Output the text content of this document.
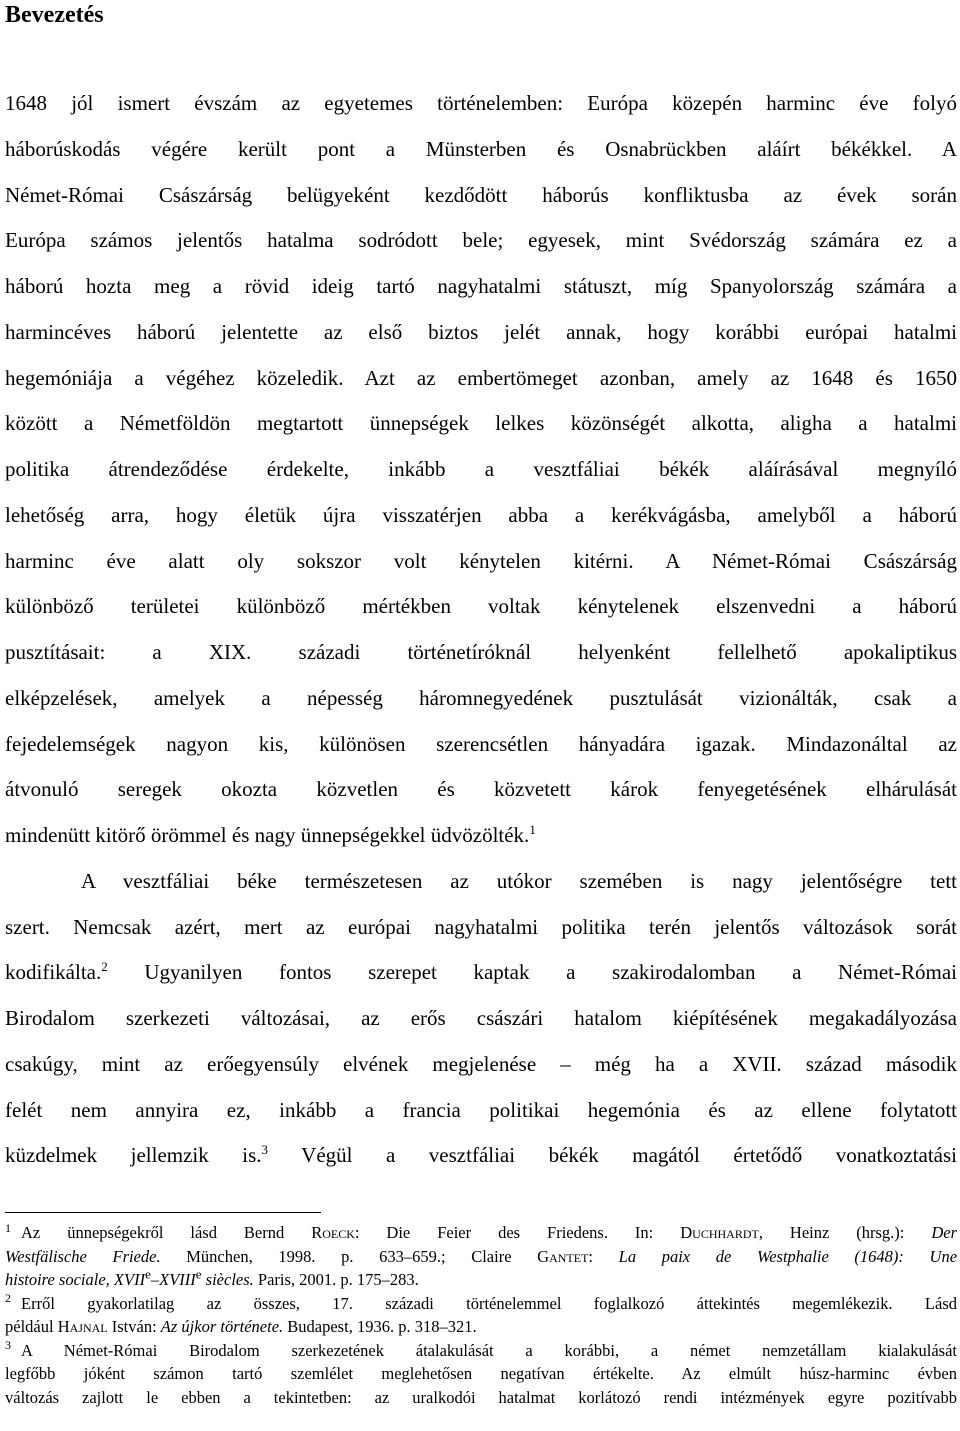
Bevezetés
1648 jól ismert évszám az egyetemes történelemben: Európa közepén harminc éve folyó
háborúskodás végére került pont a Münsterben és Osnabrückben aláírt békékkel. A
Német-Római Császárság belügyeként kezdődött háborús konfliktusba az évek során
Európa számos jelentős hatalma sodródott bele; egyesek, mint Svédország számára ez a
háború hozta meg a rövid ideig tartó nagyhatalmi státuszt, míg Spanyolország számára a
harmincéves háború jelentette az első biztos jelét annak, hogy korábbi európai hatalmi
hegemóniája a végéhez közeledik. Azt az embertömeget azonban, amely az 1648 és 1650
között a Németföldön megtartott ünnepségek lelkes közönségét alkotta, aligha a hatalmi
politika átrendeződése érdekelte, inkább a vesztfáliai békék aláírásával megnyíló
lehetőség arra, hogy életük újra visszatérjen abba a kerékvágásba, amelyből a háború
harminc éve alatt oly sokszor volt kénytelen kitérni. A Német-Római Császárság
különböző területei különböző mértékben voltak kénytelenek elszenvedni a háború
pusztításait: a XIX. századi történetíróknál helyenként fellelhető apokaliptikus
elképzelések, amelyek a népesség háromnegyedének pusztulását vizionálták, csak a
fejedelemségek nagyon kis, különösen szerencsétlen hányadára igazak. Mindazonáltal az
átvonuló seregek okozta közvetlen és közvetett károk fenyegetésének elhárulását
mindenütt kitörő örömmel és nagy ünnepségekkel üdvözölték.$^1$
A vesztfáliai béke természetesen az utókor szemében is nagy jelentőségre tett
szert. Nemcsak azért, mert az európai nagyhatalmi politika terén jelentős változások sorát
kodifikálta.$^2$ Ugyanilyen fontos szerepet kaptak a szakirodalomban a Német-Római
Birodalom szerkezeti változásai, az erős császári hatalom kiépítésének megakadályozása
csakúgy, mint az erőegyensúly elvének megjelenése – még ha a XVII. század második
felét nem annyira ez, inkább a francia politikai hegemónia és az ellene folytatott
küzdelmek jellemzik is.$^3$ Végül a vesztfáliai békék magától értetődő vonatkoztatási
$^1$ Az ünnepségekről lásd Bernd Roeck: Die Feier des Friedens. In: Duchhardt, Heinz (hrsg.): Der
Westfälische Friede. München, 1998. p. 633–659.; Claire Gantet: La paix de Westphalie (1648): Une
histoire sociale, XVIIe–XVIIIe siècles. Paris, 2001. p. 175–283.
$^2$ Erről gyakorlatilag az összes, 17. századi történelemmel foglalkozó áttekintés megemlékezik. Lásd
például Hajnal István: Az újkor története. Budapest, 1936. p. 318–321.
$^3$ A Német-Római Birodalom szerkezetének átalakulását a korábbi, a német nemzetállam kialakulását
legfőbb jóként számon tartó szemlélet meglehetősen negatívan értékelte. Az elmúlt húsz-harminc évben
változás zajlott le ebben a tekintetben: az uralkodói hatalmat korlátozó rendi intézmények egyre pozitívabb
